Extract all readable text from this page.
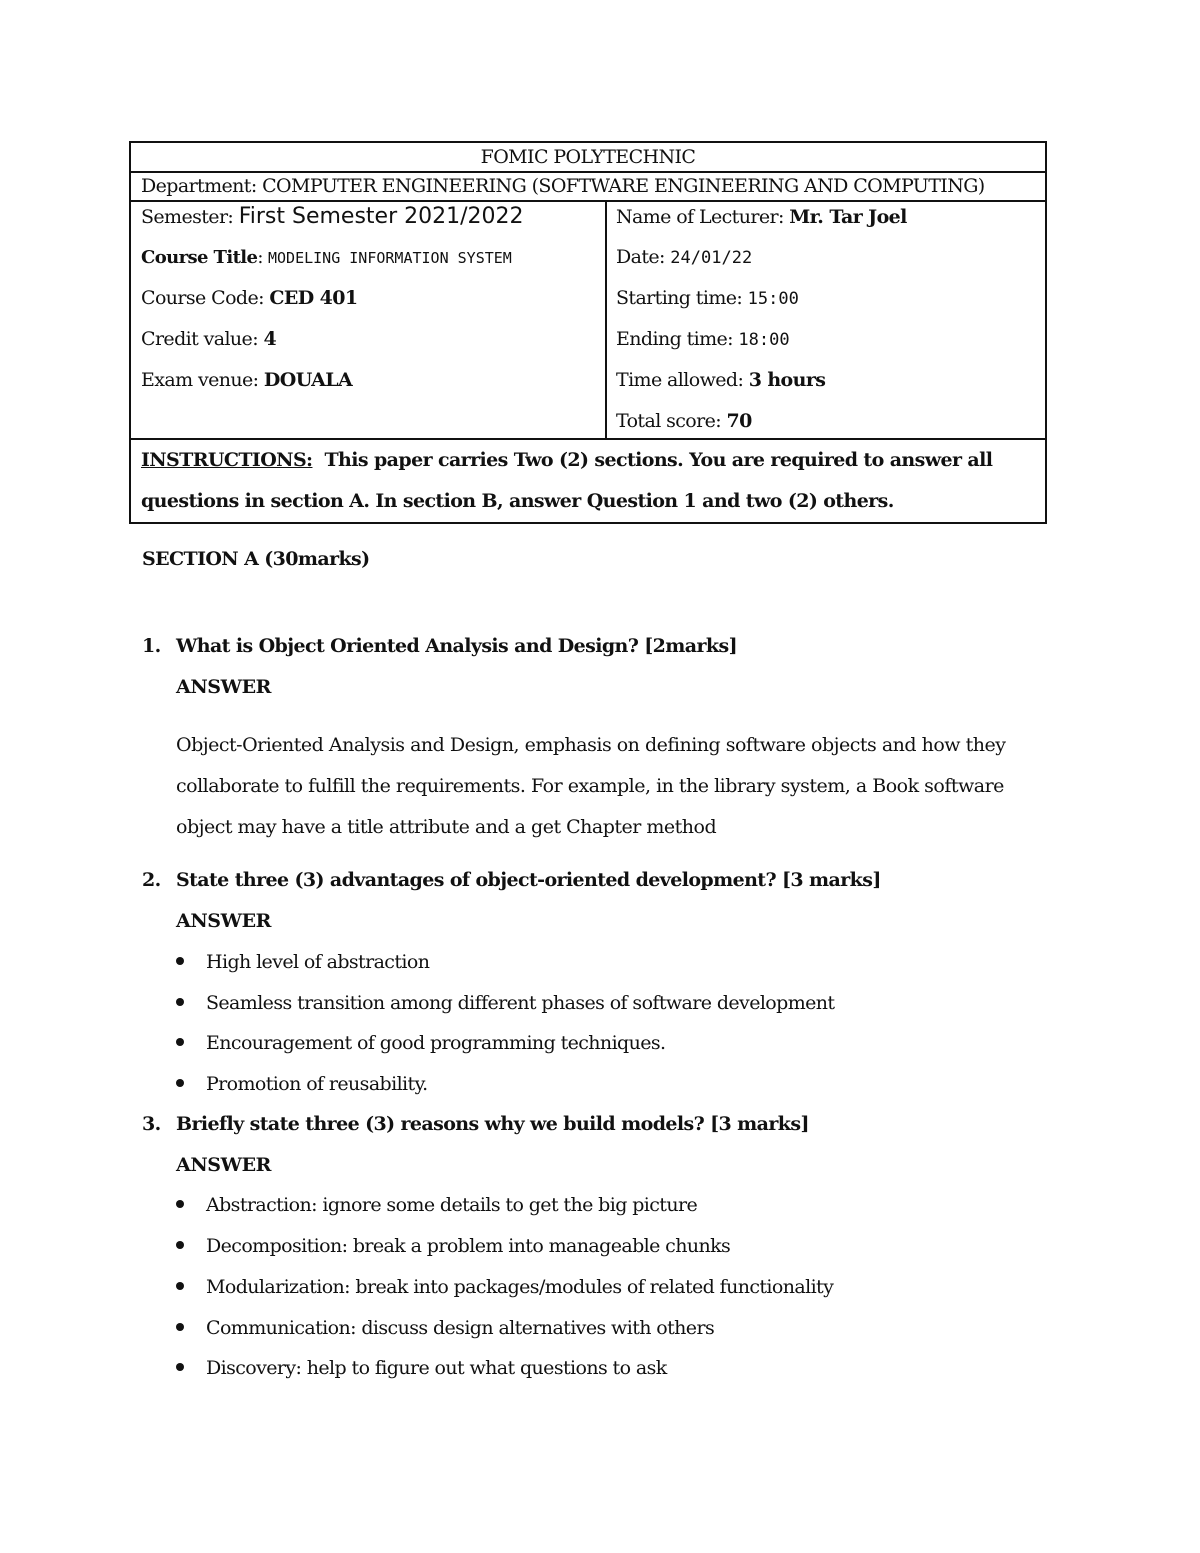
FOMIC POLYTECHNIC
Department: COMPUTER ENGINEERING (SOFTWARE ENGINEERING AND COMPUTING)
Semester: First Semester 2021/2022
Course Title: MODELING INFORMATION SYSTEM
Course Code: CED 401
Credit value: 4
Exam venue: DOUALA
Name of Lecturer: Mr. Tar Joel
Date: 24/01/22
Starting time: 15:00
Ending time: 18:00
Time allowed: 3 hours
Total score: 70
INSTRUCTIONS: This paper carries Two (2) sections. You are required to answer all
questions in section A. In section B, answer Question 1 and two (2) others.
SECTION A (30marks)
1. What is Object Oriented Analysis and Design? [2marks]
ANSWER
Object-Oriented Analysis and Design, emphasis on defining software objects and how they
collaborate to fulfill the requirements. For example, in the library system, a Book software
object may have a title attribute and a get Chapter method
2. State three (3) advantages of object-oriented development? [3 marks]
ANSWER
High level of abstraction
Seamless transition among different phases of software development
Encouragement of good programming techniques.
Promotion of reusability.
3. Briefly state three (3) reasons why we build models? [3 marks]
ANSWER
Abstraction: ignore some details to get the big picture
Decomposition: break a problem into manageable chunks
Modularization: break into packages/modules of related functionality
Communication: discuss design alternatives with others
Discovery: help to figure out what questions to ask
